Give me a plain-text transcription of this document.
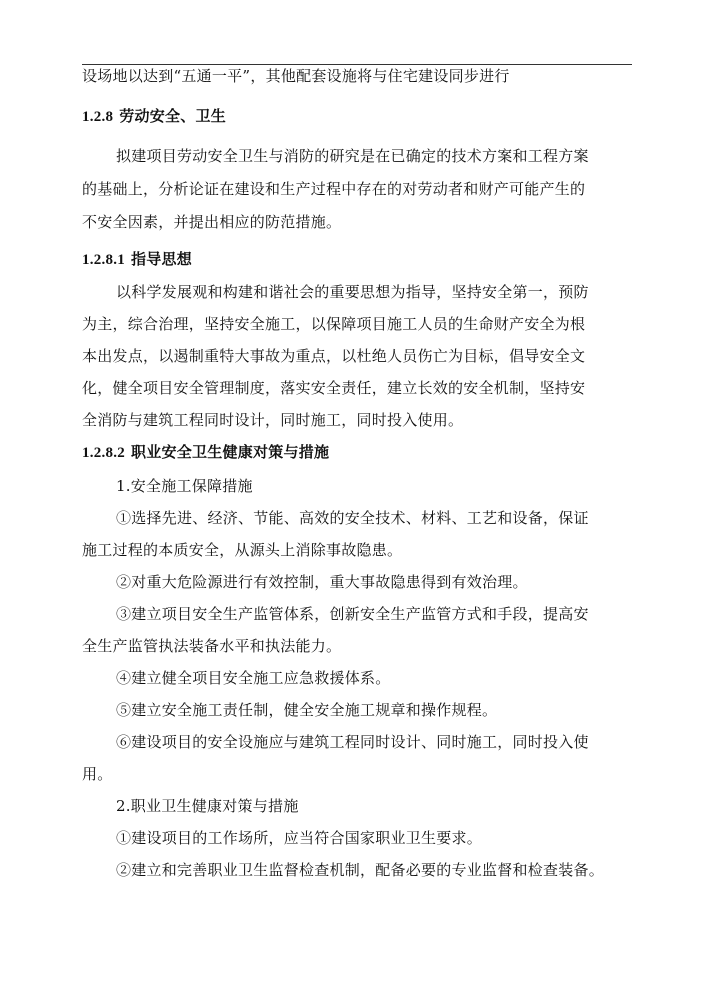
设场地以达到“五通一平”，其他配套设施将与住宅建设同步进行
1.2.8 劳动安全、卫生
拟建项目劳动安全卫生与消防的研究是在已确定的技术方案和工程方案
的基础上，分析论证在建设和生产过程中存在的对劳动者和财产可能产生的
不安全因素，并提出相应的防范措施。
1.2.8.1 指导思想
以科学发展观和构建和谐社会的重要思想为指导，坚持安全第一，预防
为主，综合治理，坚持安全施工，以保障项目施工人员的生命财产安全为根
本出发点，以遏制重特大事故为重点，以杜绝人员伤亡为目标，倡导安全文
化，健全项目安全管理制度，落实安全责任，建立长效的安全机制，坚持安
全消防与建筑工程同时设计，同时施工，同时投入使用。
1.2.8.2 职业安全卫生健康对策与措施
1.安全施工保障措施
①选择先进、经济、节能、高效的安全技术、材料、工艺和设备，保证
施工过程的本质安全，从源头上消除事故隐患。
②对重大危险源进行有效控制，重大事故隐患得到有效治理。
③建立项目安全生产监管体系，创新安全生产监管方式和手段，提高安
全生产监管执法装备水平和执法能力。
④建立健全项目安全施工应急救援体系。
⑤建立安全施工责任制，健全安全施工规章和操作规程。
⑥建设项目的安全设施应与建筑工程同时设计、同时施工，同时投入使
用。
2.职业卫生健康对策与措施
①建设项目的工作场所，应当符合国家职业卫生要求。
②建立和完善职业卫生监督检查机制，配备必要的专业监督和检查装备。
